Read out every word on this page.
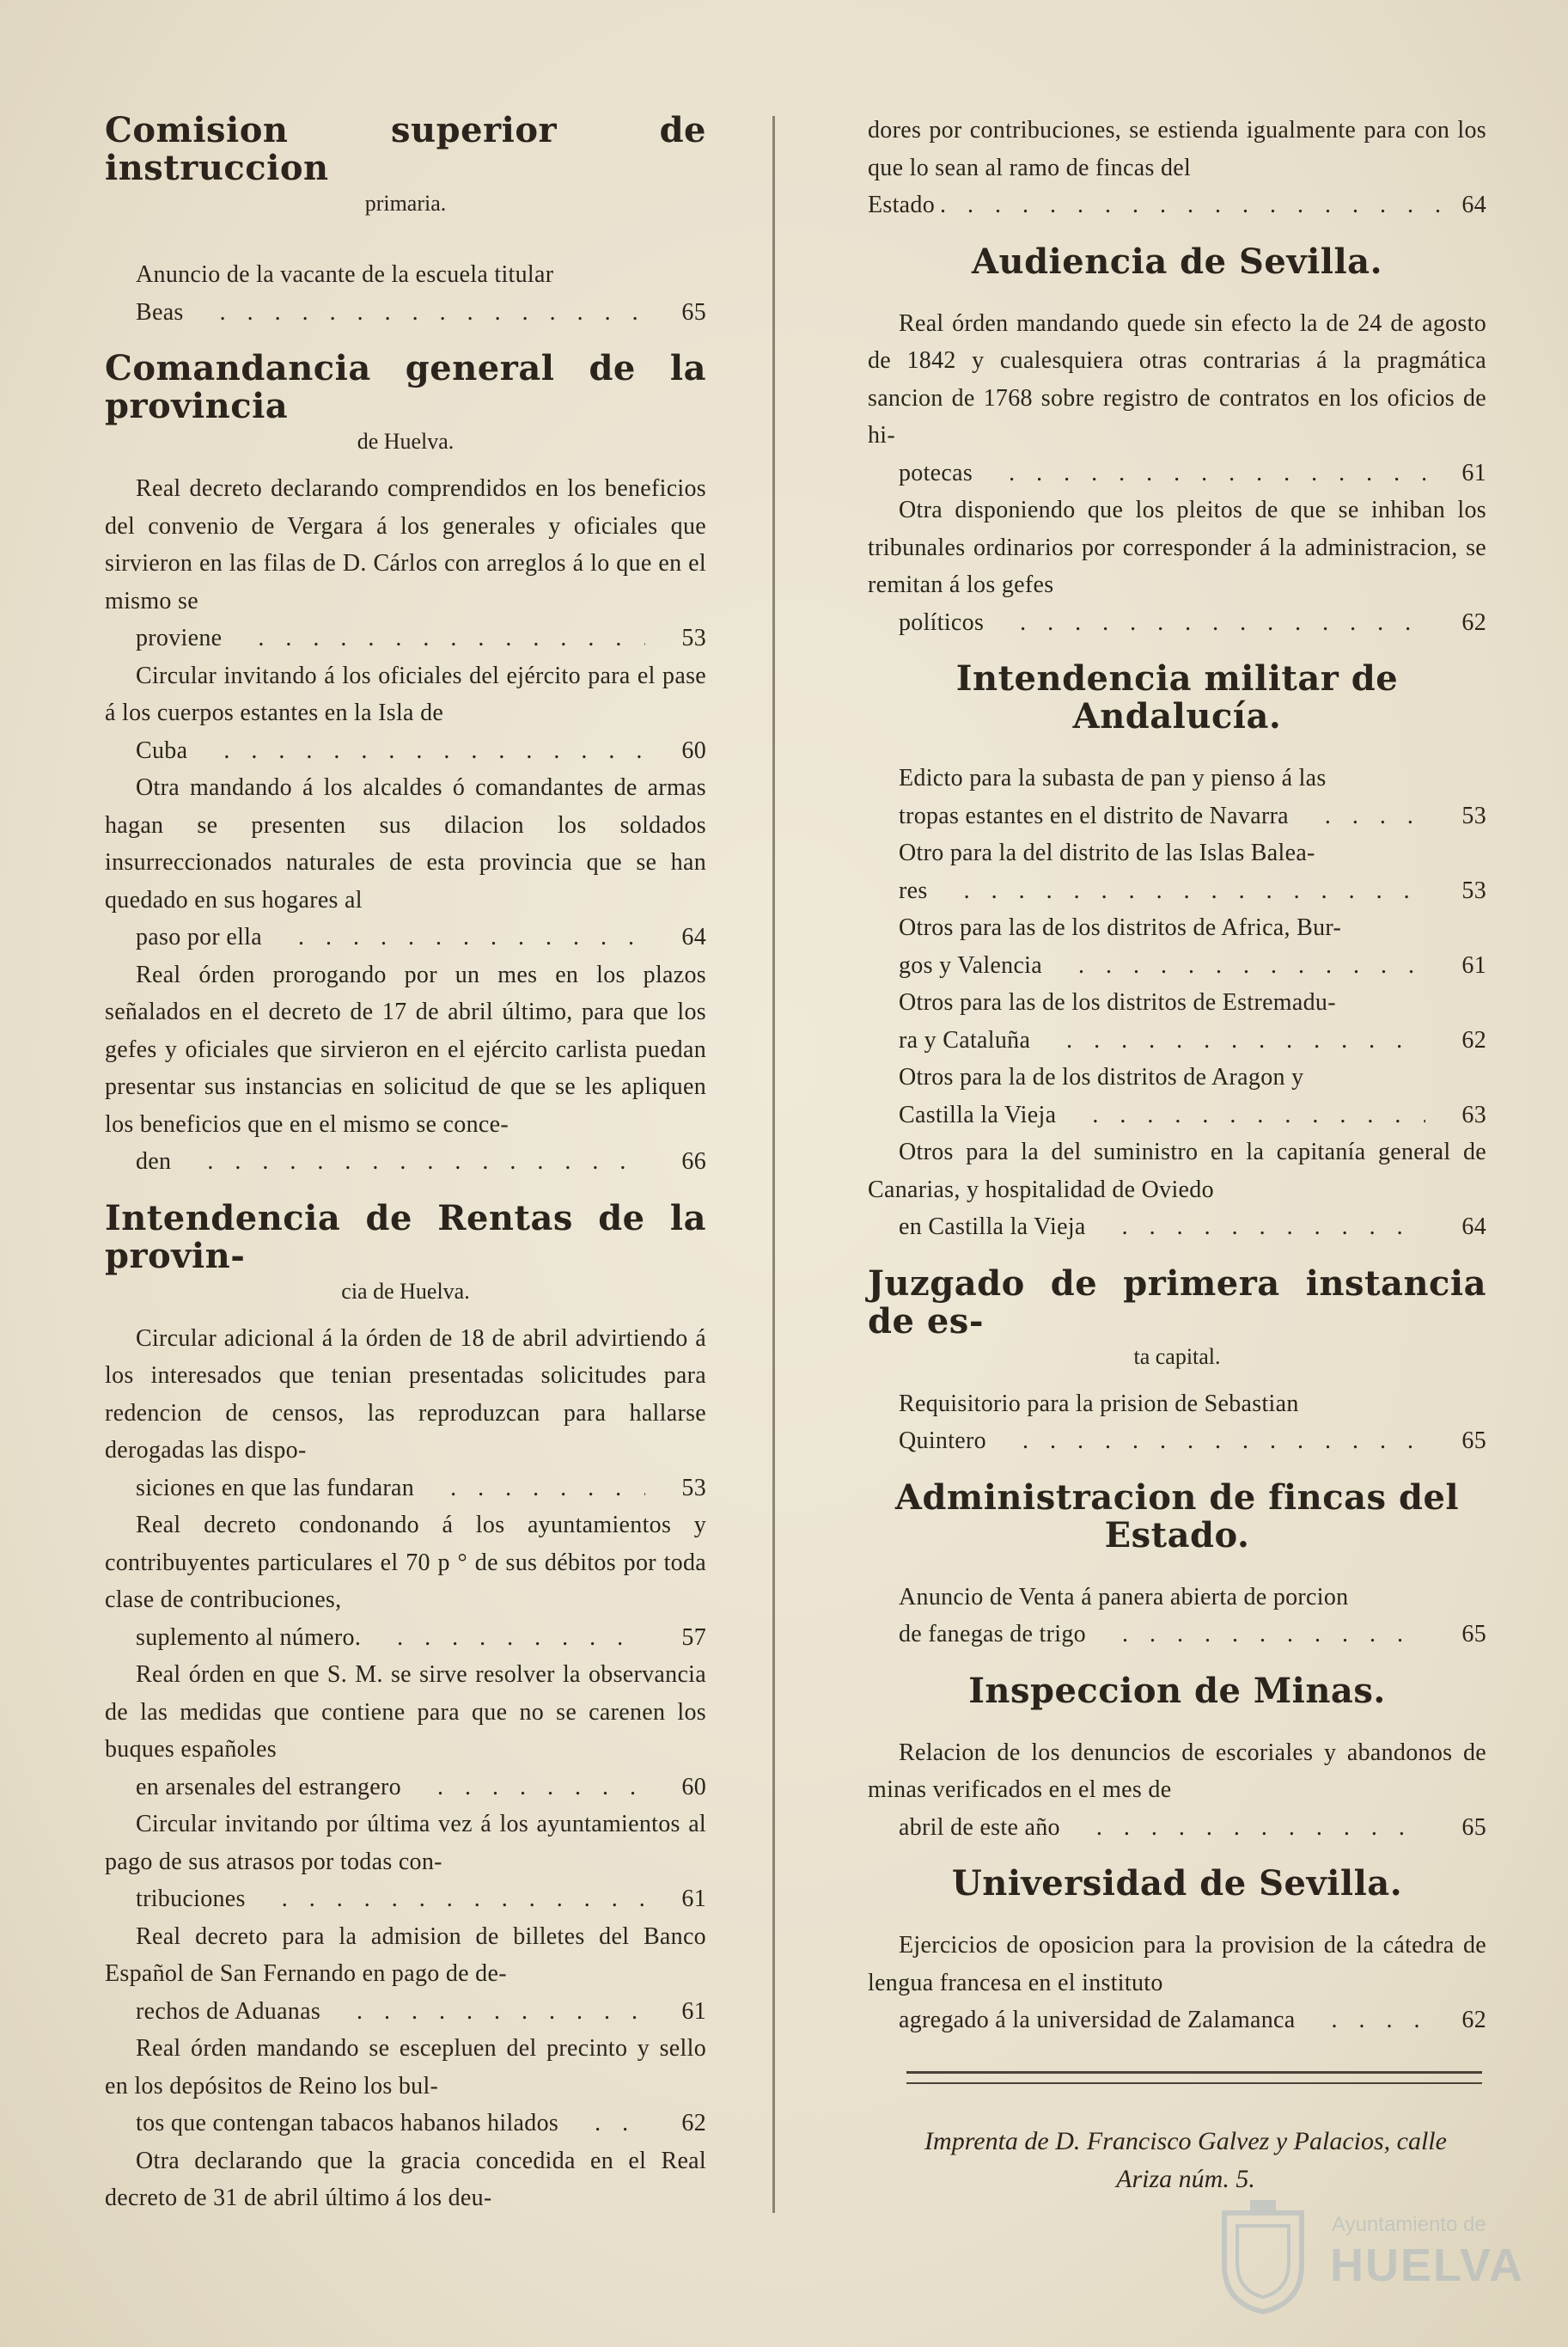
Comision superior de instruccion
primaria.
Anuncio de la vacante de la escuela titular
Beas . . .	65
Comandancia general de la provincia
de Huelva.
Real decreto declarando comprendidos en los beneficios del convenio de Vergara á los generales y oficiales que sirvieron en las filas de D. Cárlos con arreglos á lo que en el mismo se
proviene . . .	53
Circular invitando á los oficiales del ejército para el pase á los cuerpos estantes en la Isla de
Cuba . . .	60
Otra mandando á los alcaldes ó comandantes de armas hagan se presenten sus dilacion los soldados insurreccionados naturales de esta provincia que se han quedado en sus hogares al
paso por ella . . .	64
Real órden prorogando por un mes en los plazos señalados en el decreto de 17 de abril último, para que los gefes y oficiales que sirvieron en el ejército carlista puedan presentar sus instancias en solicitud de que se les apliquen los beneficios que en el mismo se conce-
den . . .	66
Intendencia de Rentas de la provin-
cia de Huelva.
Circular adicional á la órden de 18 de abril advirtiendo á los interesados que tenian presentadas solicitudes para redencion de censos, las reproduzcan para hallarse derogadas las dispo-
siciones en que las fundaran . . .	53
Real decreto condonando á los ayuntamientos y contribuyentes particulares el 70 p ° de sus débitos por toda clase de contribuciones,
suplemento al número. . . .	57
Real órden en que S. M. se sirve resolver la observancia de las medidas que contiene para que no se carenen los buques españoles
en arsenales del estrangero . . .	60
Circular invitando por última vez á los ayuntamientos al pago de sus atrasos por todas con-
tribuciones . . .	61
Real decreto para la admision de billetes del Banco Español de San Fernando en pago de de-
rechos de Aduanas . . .	61
Real órden mandando se escepluen del precinto y sello en los depósitos de Reino los bul-
tos que contengan tabacos habanos hilados . . .	62
Otra declarando que la gracia concedida en el Real decreto de 31 de abril último á los deu-
dores por contribuciones, se estienda igualmente para con los que lo sean al ramo de fincas del
Estado . . .	64
Audiencia de Sevilla.
Real órden mandando quede sin efecto la de 24 de agosto de 1842 y cualesquiera otras contrarias á la pragmática sancion de 1768 sobre registro de contratos en los oficios de hi-
potecas . . .	61
Otra disponiendo que los pleitos de que se inhiban los tribunales ordinarios por corresponder á la administracion, se remitan á los gefes
políticos . . .	62
Intendencia militar de Andalucía.
Edicto para la subasta de pan y pienso á las
tropas estantes en el distrito de Navarra . . .	53
Otro para la del distrito de las Islas Balea-
res . . .	53
Otros para las de los distritos de Africa, Bur-
gos y Valencia . . .	61
Otros para las de los distritos de Estremadu-
ra y Cataluña . . .	62
Otros para la de los distritos de Aragon y
Castilla la Vieja . . .	63
Otros para la del suministro en la capitanía general de Canarias, y hospitalidad de Oviedo
en Castilla la Vieja . . .	64
Juzgado de primera instancia de es-
ta capital.
Requisitorio para la prision de Sebastian
Quintero . . .	65
Administracion de fincas del Estado.
Anuncio de Venta á panera abierta de porcion
de fanegas de trigo . . .	65
Inspeccion de Minas.
Relacion de los denuncios de escoriales y abandonos de minas verificados en el mes de
abril de este año . . .	65
Universidad de Sevilla.
Ejercicios de oposicion para la provision de la cátedra de lengua francesa en el instituto
agregado á la universidad de Zalamanca . . .	62
Imprenta de D. Francisco Galvez y Palacios, calle
Ariza núm. 5.
Ayuntamiento de
HUELVA
